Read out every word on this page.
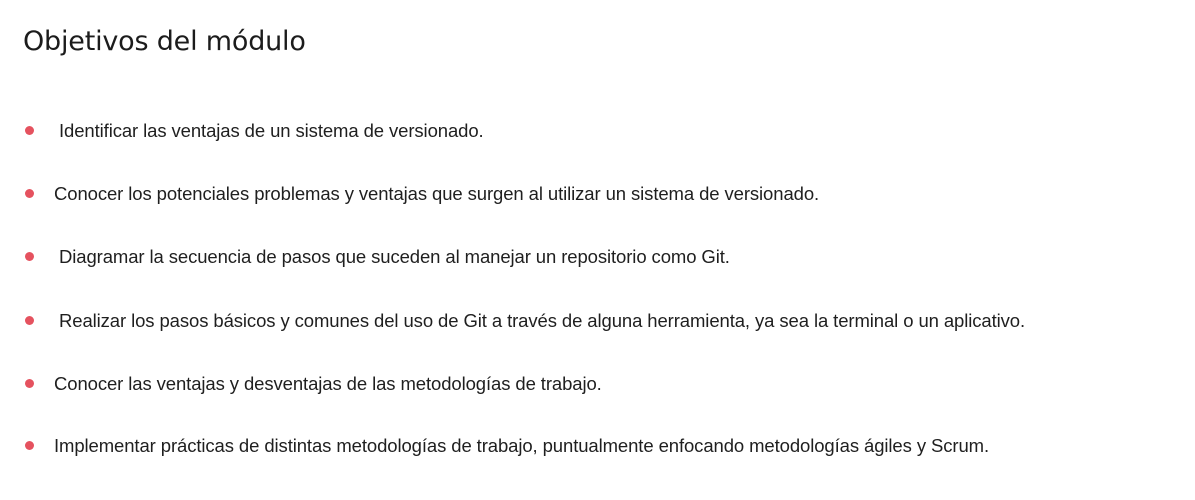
Objetivos del módulo
Identificar las ventajas de un sistema de versionado.
Conocer los potenciales problemas y ventajas que surgen al utilizar un sistema de versionado.
Diagramar la secuencia de pasos que suceden al manejar un repositorio como Git.
Realizar los pasos básicos y comunes del uso de Git a través de alguna herramienta, ya sea la terminal o un aplicativo.
Conocer las ventajas y desventajas de las metodologías de trabajo.
Implementar prácticas de distintas metodologías de trabajo, puntualmente enfocando metodologías ágiles y Scrum.
